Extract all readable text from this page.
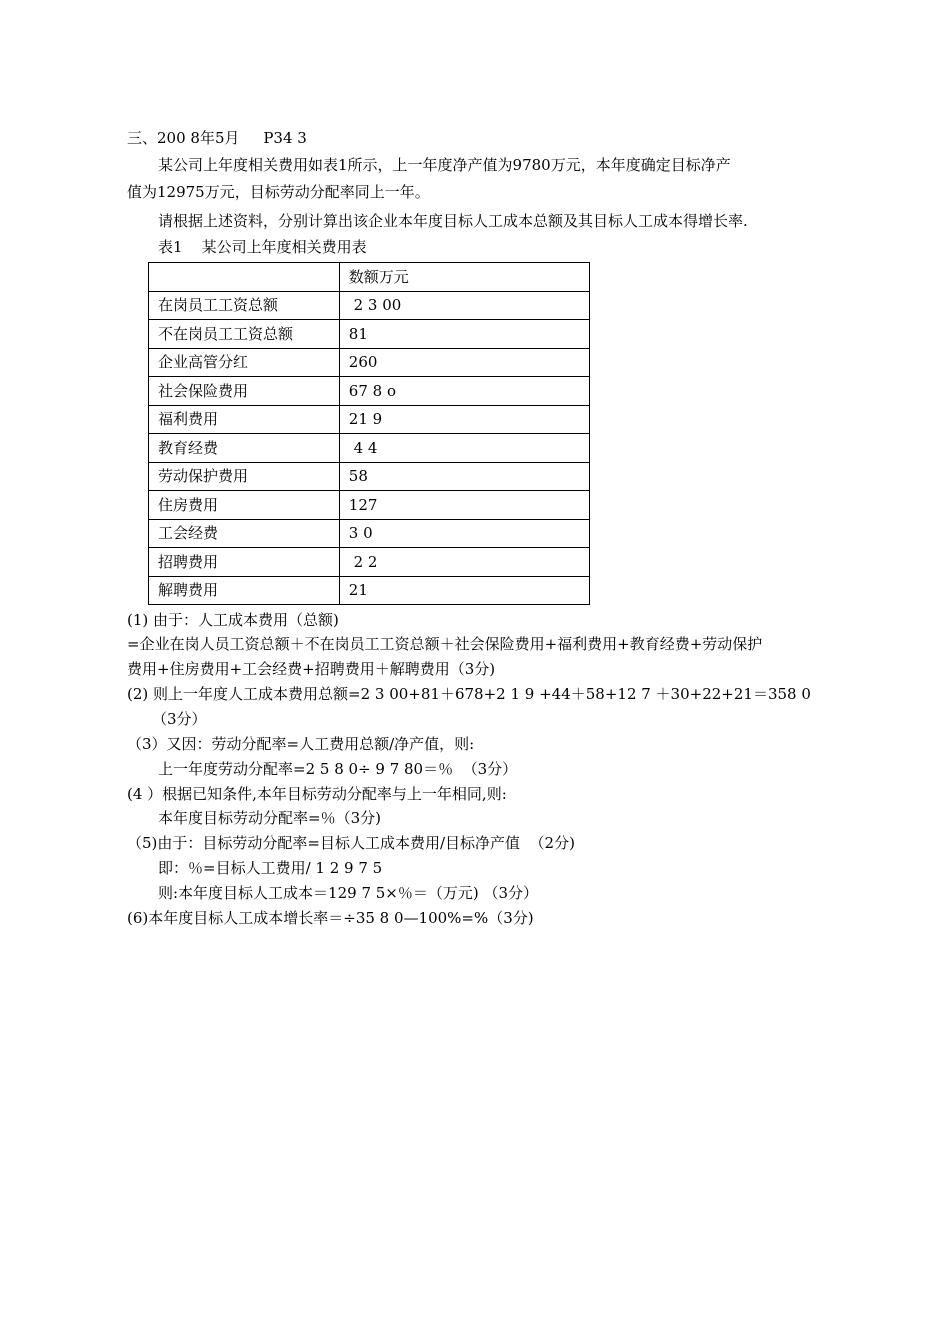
三、200 8年5月     P34 3
某公司上年度相关费用如表1所示，上一年度净产值为9780万元，本年度确定目标净产
值为12975万元，目标劳动分配率同上一年。
请根据上述资料，分别计算出该企业本年度目标人工成本总额及其目标人工成本得增长率.
表1    某公司上年度相关费用表
	数额万元
在岗员工工资总额	2 3 00
不在岗员工工资总额	81
企业高管分红	260
社会保险费用	67 8 o
福利费用	21 9
教育经费	4 4
劳动保护费用	58
住房费用	127
工会经费	3 0
招聘费用	2 2
解聘费用	21
(1) 由于：人工成本费用（总额)
=企业在岗人员工资总额＋不在岗员工工资总额＋社会保险费用+福利费用+教育经费+劳动保护
费用+住房费用+工会经费+招聘费用＋解聘费用（3分)
(2) 则上一年度人工成本费用总额=2 3 00+81＋678+2 1 9 +44＋58+12 7 ＋30+22+21＝358 0
（3分）
（3）又因：劳动分配率=人工费用总额/净产值，则:
上一年度劳动分配率=2 5 8 0÷ 9 7 80＝％  （3分）
(4 ）根据已知条件,本年目标劳动分配率与上一年相同,则:
本年度目标劳动分配率=％（3分)
（5)由于：目标劳动分配率=目标人工成本费用/目标净产值  （2分)
即：％=目标人工费用/ 1 2 9 7 5
则:本年度目标人工成本＝129 7 5×％＝（万元) （3分）
(6)本年度目标人工成本增长率＝÷35 8 0—100%=%（3分)
